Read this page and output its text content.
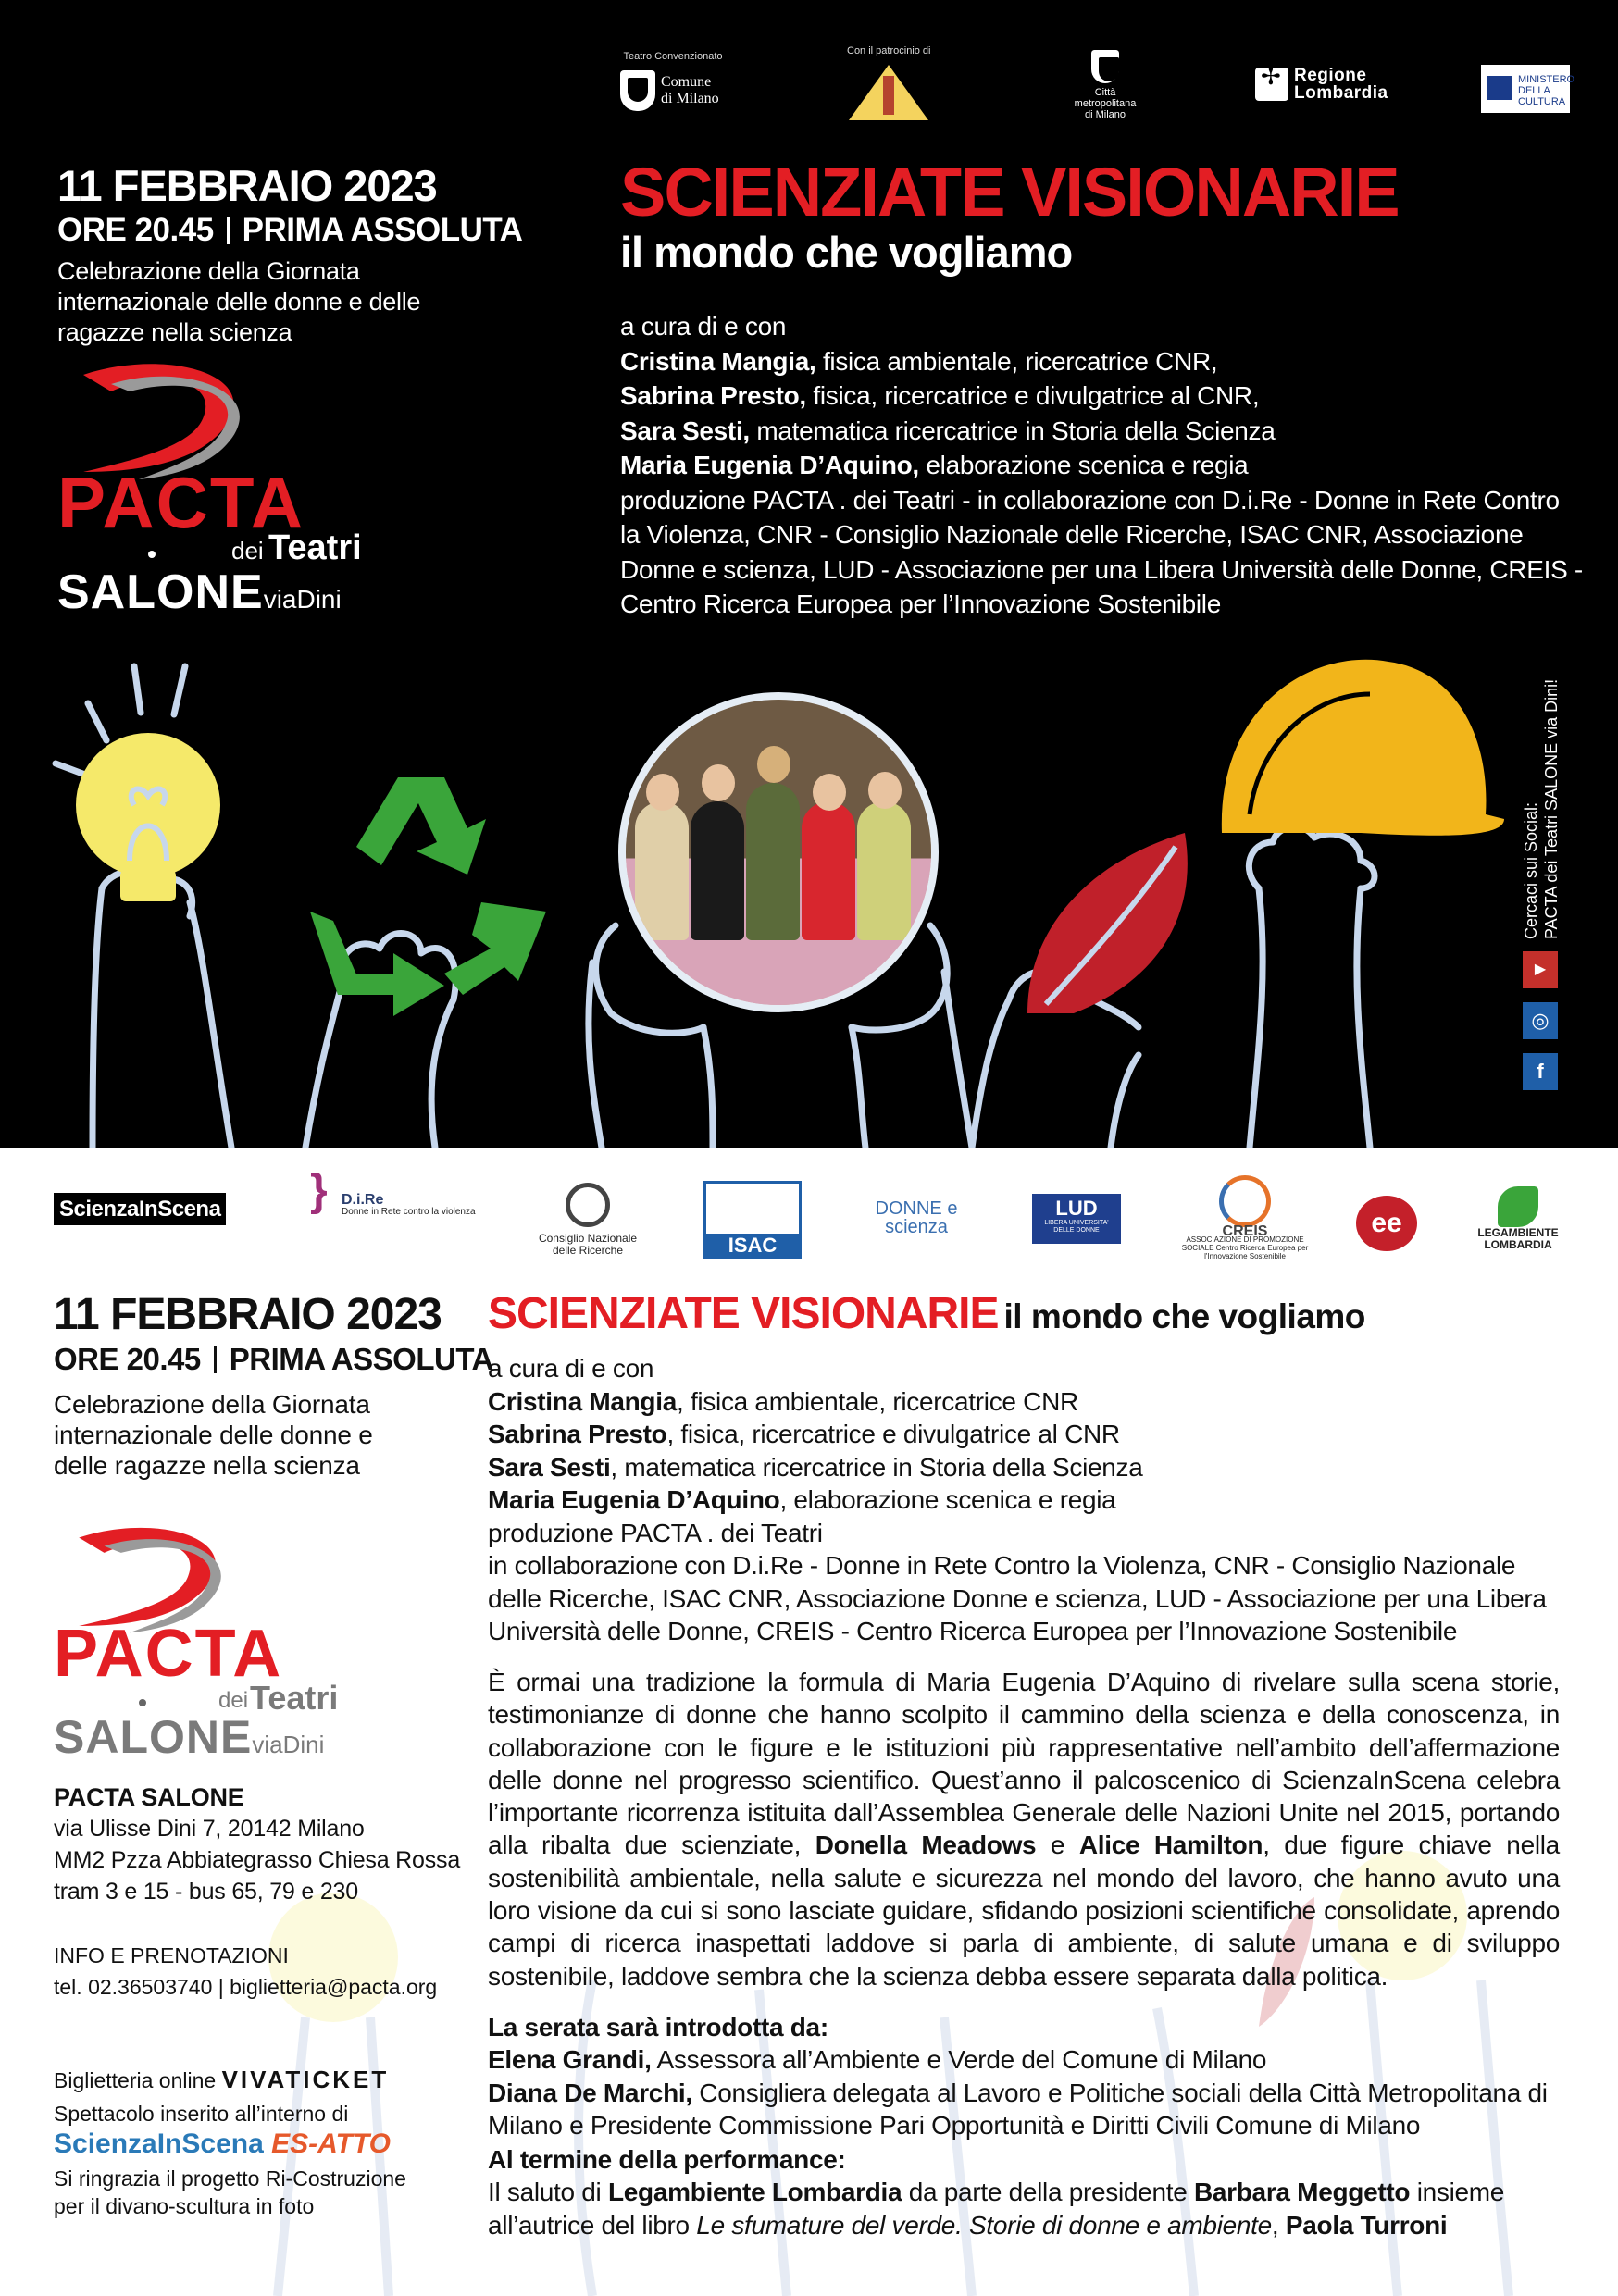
Teatro Convenzionato
Comune di Milano
Con il patrocinio di
5	Città metropolitana di Milano
✢Regione Lombardia
MINISTERO DELLA CULTURA
11 FEBBRAIO 2023
ORE 20.45 PRIMA ASSOLUTA
Celebrazione della Giornata internazionale delle donne e delle ragazze nella scienza
PACTA
dei Teatri
SALONEviaDini
SCIENZIATE VISIONARIE
il mondo che vogliamo
a cura di e con
Cristina Mangia, fisica ambientale, ricercatrice CNR,
Sabrina Presto, fisica, ricercatrice e divulgatrice al CNR,
Sara Sesti, matematica ricercatrice in Storia della Scienza
Maria Eugenia D’Aquino, elaborazione scenica e regia
produzione PACTA . dei Teatri - in collaborazione con D.i.Re - Donne in Rete Contro la Violenza, CNR - Consiglio Nazionale delle Ricerche, ISAC CNR, Associazione Donne e scienza, LUD - Associazione per una Libera Università delle Donne, CREIS - Centro Ricerca Europea per l’Innovazione Sostenibile
Cercaci sui Social: PACTA dei Teatri SALONE via Dini!
▶
◎
f
ScienzaInScena } D.i.Re
Donne in Rete contro la violenza
Consiglio Nazionale delle Ricerche	ISAC
DONNE e scienza
LUD
LIBERA UNIVERSITA' DELLE DONNE	CREIS
ASSOCIAZIONE DI PROMOZIONE SOCIALE Centro Ricerca Europea per l'Innovazione Sostenibile
ee	LEGAMBIENTE LOMBARDIA
11 FEBBRAIO 2023
ORE 20.45 PRIMA ASSOLUTA
Celebrazione della Giornata internazionale delle donne e delle ragazze nella scienza
PACTA
dei Teatri
SALONEviaDini
PACTA SALONE
via Ulisse Dini 7, 20142 Milano
MM2 Pzza Abbiategrasso Chiesa Rossa
tram 3 e 15 - bus 65, 79 e 230
INFO E PRENOTAZIONI
tel. 02.36503740 | biglietteria@pacta.org
Biglietteria online VIVATICKET
Spettacolo inserito all’interno di
ScienzaInScena ES-ATTO
Si ringrazia il progetto Ri-Costruzione per il divano-scultura in foto
SCIENZIATE VISIONARIE il mondo che vogliamo
a cura di e con
Cristina Mangia, fisica ambientale, ricercatrice CNR
Sabrina Presto, fisica, ricercatrice e divulgatrice al CNR
Sara Sesti, matematica ricercatrice in Storia della Scienza
Maria Eugenia D’Aquino, elaborazione scenica e regia
produzione PACTA . dei Teatri
in collaborazione con D.i.Re - Donne in Rete Contro la Violenza, CNR - Consiglio Nazionale delle Ricerche, ISAC CNR, Associazione Donne e scienza, LUD - Associazione per una Libera Università delle Donne, CREIS - Centro Ricerca Europea per l’Innovazione Sostenibile
È ormai una tradizione la formula di Maria Eugenia D’Aquino di rivelare sulla scena storie, testimonianze di donne che hanno scolpito il cammino della scienza e della conoscenza, in collaborazione con le figure e le istituzioni più rappresentative nell’ambito dell’affermazione delle donne nel progresso scientifico. Quest’anno il palcoscenico di ScienzaInScena celebra l’importante ricorrenza istituita dall’Assemblea Generale delle Nazioni Unite nel 2015, portando alla ribalta due scienziate, Donella Meadows e Alice Hamilton, due figure chiave nella sostenibilità ambientale, nella salute e sicurezza nel mondo del lavoro, che hanno avuto una loro visione da cui si sono lasciate guidare, sfidando posizioni scientifiche consolidate, aprendo campi di ricerca inaspettati laddove si parla di ambiente, di salute umana e di sviluppo sostenibile, laddove sembra che la scienza debba essere separata dalla politica.
La serata sarà introdotta da:
Elena Grandi, Assessora all’Ambiente e Verde del Comune di Milano
Diana De Marchi, Consigliera delegata al Lavoro e Politiche sociali della Città Metropolitana di Milano e Presidente Commissione Pari Opportunità e Diritti Civili Comune di Milano
Al termine della performance:
Il saluto di Legambiente Lombardia da parte della presidente Barbara Meggetto insieme all’autrice del libro Le sfumature del verde. Storie di donne e ambiente, Paola Turroni
